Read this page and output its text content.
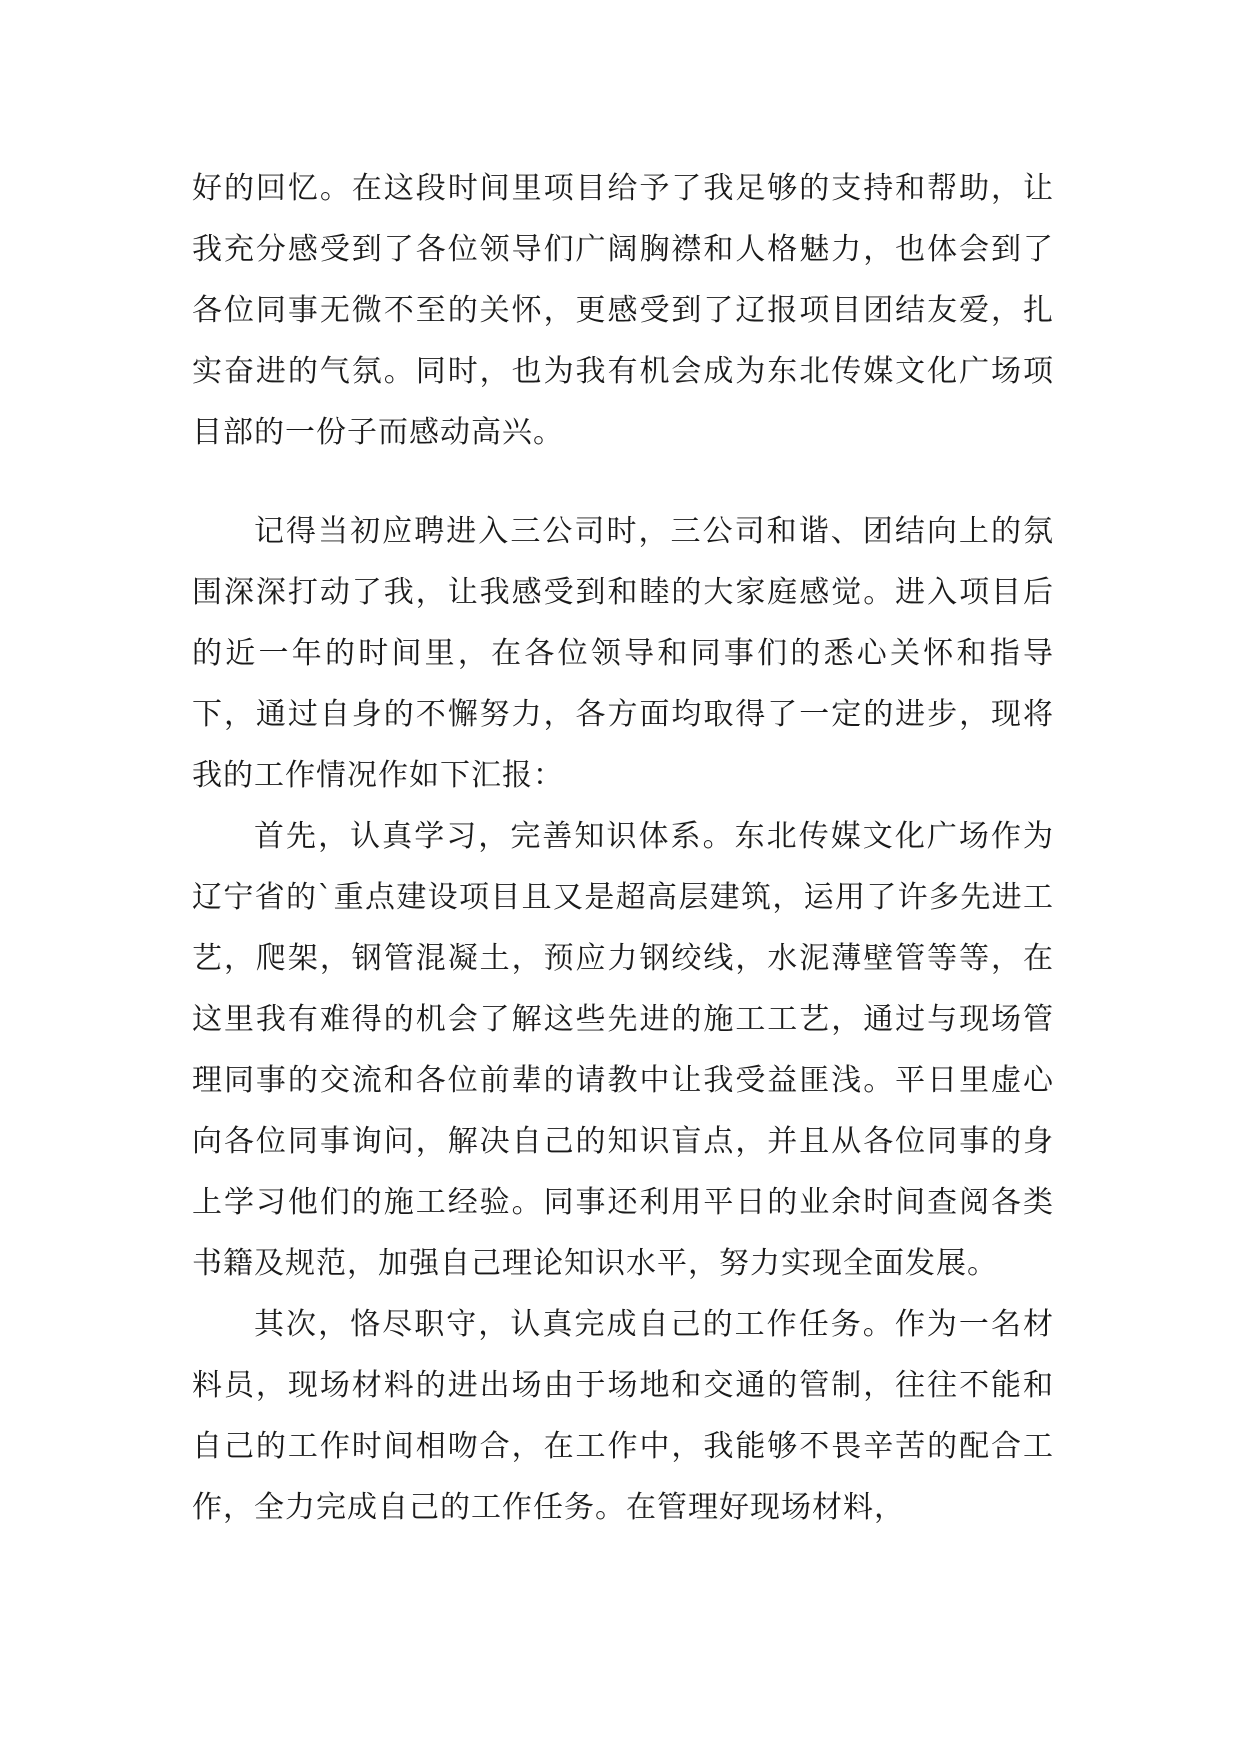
好的回忆。在这段时间里项目给予了我足够的支持和帮助，让我充分感受到了各位领导们广阔胸襟和人格魅力，也体会到了各位同事无微不至的关怀，更感受到了辽报项目团结友爱，扎实奋进的气氛。同时，也为我有机会成为东北传媒文化广场项目部的一份子而感动高兴。

记得当初应聘进入三公司时，三公司和谐、团结向上的氛围深深打动了我，让我感受到和睦的大家庭感觉。进入项目后的近一年的时间里，在各位领导和同事们的悉心关怀和指导下，通过自身的不懈努力，各方面均取得了一定的进步，现将我的工作情况作如下汇报：

首先，认真学习，完善知识体系。东北传媒文化广场作为辽宁省的`重点建设项目且又是超高层建筑，运用了许多先进工艺，爬架，钢管混凝土，预应力钢绞线，水泥薄壁管等等，在这里我有难得的机会了解这些先进的施工工艺，通过与现场管理同事的交流和各位前辈的请教中让我受益匪浅。平日里虚心向各位同事询问，解决自己的知识盲点，并且从各位同事的身上学习他们的施工经验。同事还利用平日的业余时间查阅各类书籍及规范，加强自己理论知识水平，努力实现全面发展。

其次，恪尽职守，认真完成自己的工作任务。作为一名材料员，现场材料的进出场由于场地和交通的管制，往往不能和自己的工作时间相吻合，在工作中，我能够不畏辛苦的配合工作，全力完成自己的工作任务。在管理好现场材料，
